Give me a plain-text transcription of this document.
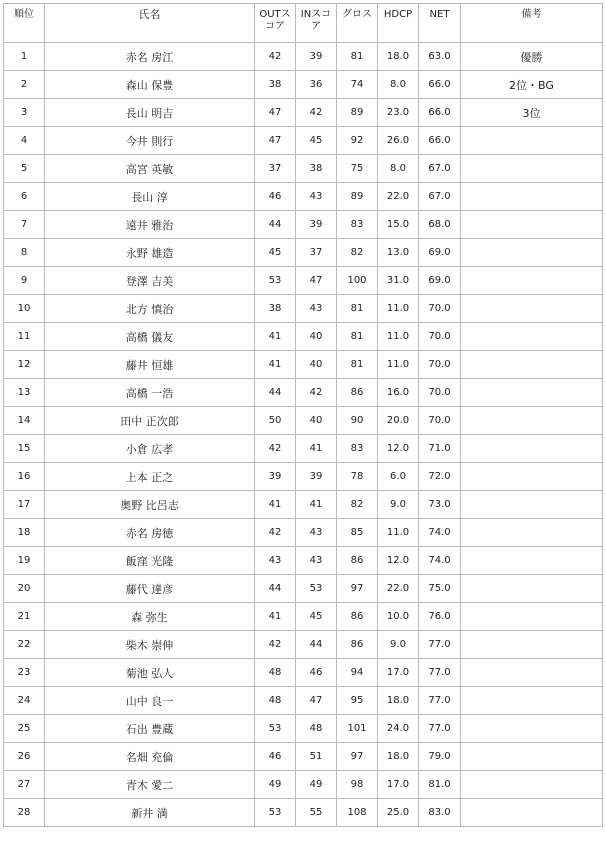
順位	氏名	OUTスコア	INスコア	グロス	HDCP	NET	備考
1	赤名 房江	42	39	81	18.0	63.0	優勝
2	森山 保豊	38	36	74	8.0	66.0	2位・BG
3	長山 明吉	47	42	89	23.0	66.0	3位
4	今井 則行	47	45	92	26.0	66.0	
5	高宮 英敏	37	38	75	8.0	67.0	
6	長山 淳	46	43	89	22.0	67.0	
7	遠井 雅治	44	39	83	15.0	68.0	
8	永野 雄造	45	37	82	13.0	69.0	
9	登澤 吉美	53	47	100	31.0	69.0	
10	北方 慎治	38	43	81	11.0	70.0	
11	高橋 儀友	41	40	81	11.0	70.0	
12	藤井 恒雄	41	40	81	11.0	70.0	
13	高橋 一浩	44	42	86	16.0	70.0	
14	田中 正次郎	50	40	90	20.0	70.0	
15	小倉 広孝	42	41	83	12.0	71.0	
16	上本 正之	39	39	78	6.0	72.0	
17	奥野 比呂志	41	41	82	9.0	73.0	
18	赤名 房徳	42	43	85	11.0	74.0	
19	飯窪 光隆	43	43	86	12.0	74.0	
20	藤代 達彦	44	53	97	22.0	75.0	
21	森 弥生	41	45	86	10.0	76.0	
22	柴木 崇伸	42	44	86	9.0	77.0	
23	菊池 弘人	48	46	94	17.0	77.0	
24	山中 良一	48	47	95	18.0	77.0	
25	石出 豊蔵	53	48	101	24.0	77.0	
26	名畑 充倫	46	51	97	18.0	79.0	
27	青木 愛二	49	49	98	17.0	81.0	
28	新井 満	53	55	108	25.0	83.0	
